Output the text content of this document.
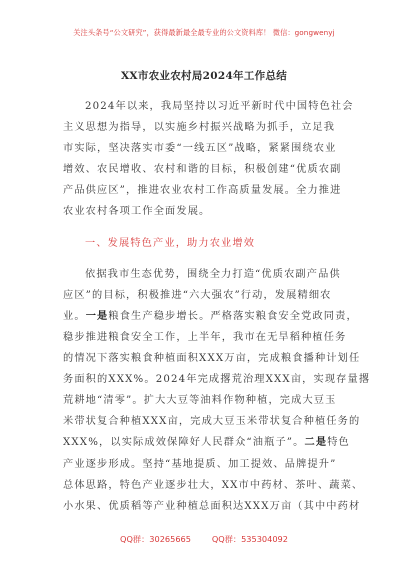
关注头条号“公文研究”，获得最新最全最专业的公文资料库！ 微信：gongwenyj
XX市农业农村局2024年工作总结
2024年以来，我局坚持以习近平新时代中国特色社会
主义思想为指导，以实施乡村振兴战略为抓手，立足我
市实际，坚决落实市委“一线五区”战略，紧紧围绕农业
增效、农民增收、农村和谐的目标，积极创建“优质农副
产品供应区”，推进农业农村工作高质量发展。全力推进
农业农村各项工作全面发展。
一、发展特色产业，助力农业增效
依据我市生态优势，围绕全力打造“优质农副产品供
应区”的目标，积极推进“六大强农”行动，发展精细农
业。一是粮食生产稳步增长。严格落实粮食安全党政同责，
稳步推进粮食安全工作，上半年，我市在无旱稻种植任务
的情况下落实粮食种植面积XXX万亩，完成粮食播种计划任
务面积的XXX%。2024年完成撂荒治理XXX亩，实现存量撂
荒耕地“清零”。扩大大豆等油料作物种植，完成大豆玉
米带状复合种植XXX亩，完成大豆玉米带状复合种植任务的
XXX%，以实际成效保障好人民群众“油瓶子”。二是特色
产业逐步形成。坚持“基地提质、加工提效、品牌提升”
总体思路，特色产业逐步壮大，XX市中药材、茶叶、蔬菜、
小水果、优质稻等产业种植总面积达XXX万亩（其中中药材
QQ群：30265665	QQ群：535304092
